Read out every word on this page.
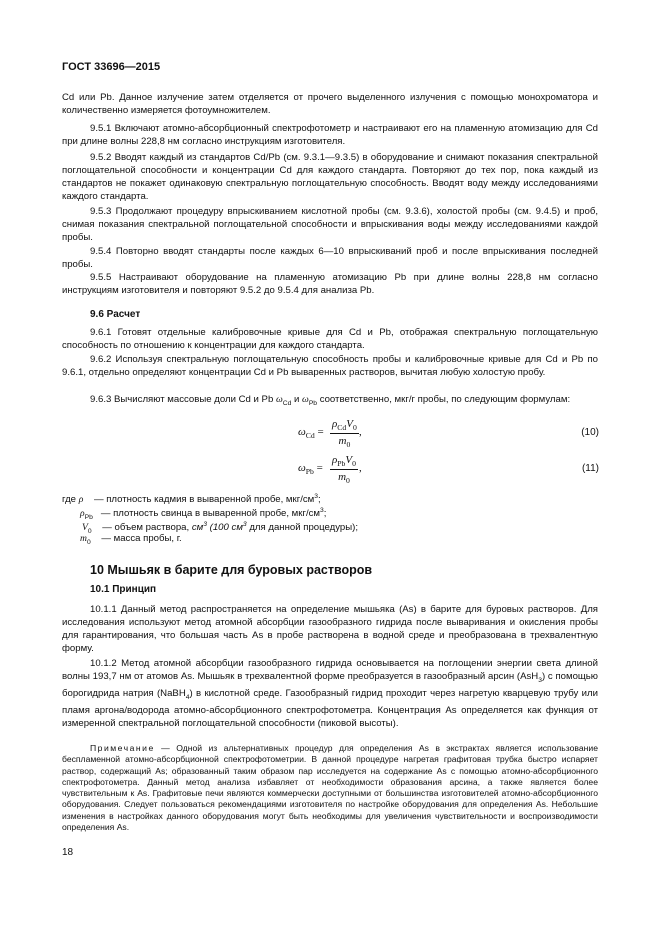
ГОСТ 33696—2015

Cd или Pb. Данное излучение затем отделяется от прочего выделенного излучения с помощью монохроматора и количественно измеряется фотоумножителем.

9.5.1 Включают атомно-абсорбционный спектрофотометр и настраивают его на пламенную атомизацию для Cd при длине волны 228,8 нм согласно инструкциям изготовителя.

9.5.2 Вводят каждый из стандартов Cd/Pb (см. 9.3.1—9.3.5) в оборудование и снимают показания спектральной поглощательной способности и концентрации Cd для каждого стандарта. Повторяют до тех пор, пока каждый из стандартов не покажет одинаковую спектральную поглощательную способность. Вводят воду между исследованиями каждого стандарта.

9.5.3 Продолжают процедуру впрыскиванием кислотной пробы (см. 9.3.6), холостой пробы (см. 9.4.5) и проб, снимая показания спектральной поглощательной способности и впрыскивания воды между исследованиями каждой пробы.

9.5.4 Повторно вводят стандарты после каждых 6—10 впрыскиваний проб и после впрыскивания последней пробы.

9.5.5 Настраивают оборудование на пламенную атомизацию Pb при длине волны 228,8 нм согласно инструкциям изготовителя и повторяют 9.5.2 до 9.5.4 для анализа Pb.

9.6 Расчет

9.6.1 Готовят отдельные калибровочные кривые для Cd и Pb, отображая спектральную поглощательную способность по отношению к концентрации для каждого стандарта.

9.6.2 Используя спектральную поглощательную способность пробы и калибровочные кривые для Cd и Pb по 9.6.1, отдельно определяют концентрации Cd и Pb вываренных растворов, вычитая любую холостую пробу.

9.6.3 Вычисляют массовые доли Cd и Pb $\omega_{Cd}$ и $\omega_{Pb}$ соответственно, мкг/г пробы, по следующим формулам:

$\omega_{Cd}$ =
$\rho_{Cd}V_0$
$m_0$
,	(10)
$\omega_{Pb}$ =
$\rho_{Pb}V_0$
$m_0$
,	(11)
где ρ — плотность кадмия в вываренной пробе, мкг/$см^3$;
$\rho_{Pb}$ — плотность свинца в вываренной пробе, мкг/$см^3$;
$V_0$ — объем раствора, $см^3$ (100 $см^3$ для данной процедуры);
$m_0$ — масса пробы, г.
10 Мышьяк в барите для буровых растворов
10.1 Принцип

10.1.1 Данный метод распространяется на определение мышьяка (As) в барите для буровых растворов. Для исследования используют метод атомной абсорбции газообразного гидрида после вываривания и окисления пробы для гарантирования, что большая часть As в пробе растворена в водной среде и преобразована в трехвалентную форму.

10.1.2 Метод атомной абсорбции газообразного гидрида основывается на поглощении энергии света длиной волны 193,7 нм от атомов As. Мышьяк в трехвалентной форме преобразуется в газообразный арсин (AsH$_3$) с помощью борогидрида натрия (NaBH$_4$) в кислотной среде. Газообразный гидрид проходит через нагретую кварцевую трубу или пламя аргона/водорода атомно-абсорбционного спектрофотометра. Концентрация As определяется как функция от измеренной спектральной поглощательной способности (пиковой высоты).

Примечание — Одной из альтернативных процедур для определения As в экстрактах является использование беспламенной атомно-абсорбционной спектрофотометрии. В данной процедуре нагретая графитовая трубка быстро испаряет раствор, содержащий As; образованный таким образом пар исследуется на содержание As с помощью атомно-абсорбционного спектрофотометра. Данный метод анализа избавляет от необходимости образования арсина, а также является более чувствительным к As. Графитовые печи являются коммерчески доступными от большинства изготовителей атомно-абсорбционного оборудования. Следует пользоваться рекомендациями изготовителя по настройке оборудования для определения As. Небольшие изменения в настройках данного оборудования могут быть необходимы для увеличения чувствительности и воспроизводимости определения As.

18
